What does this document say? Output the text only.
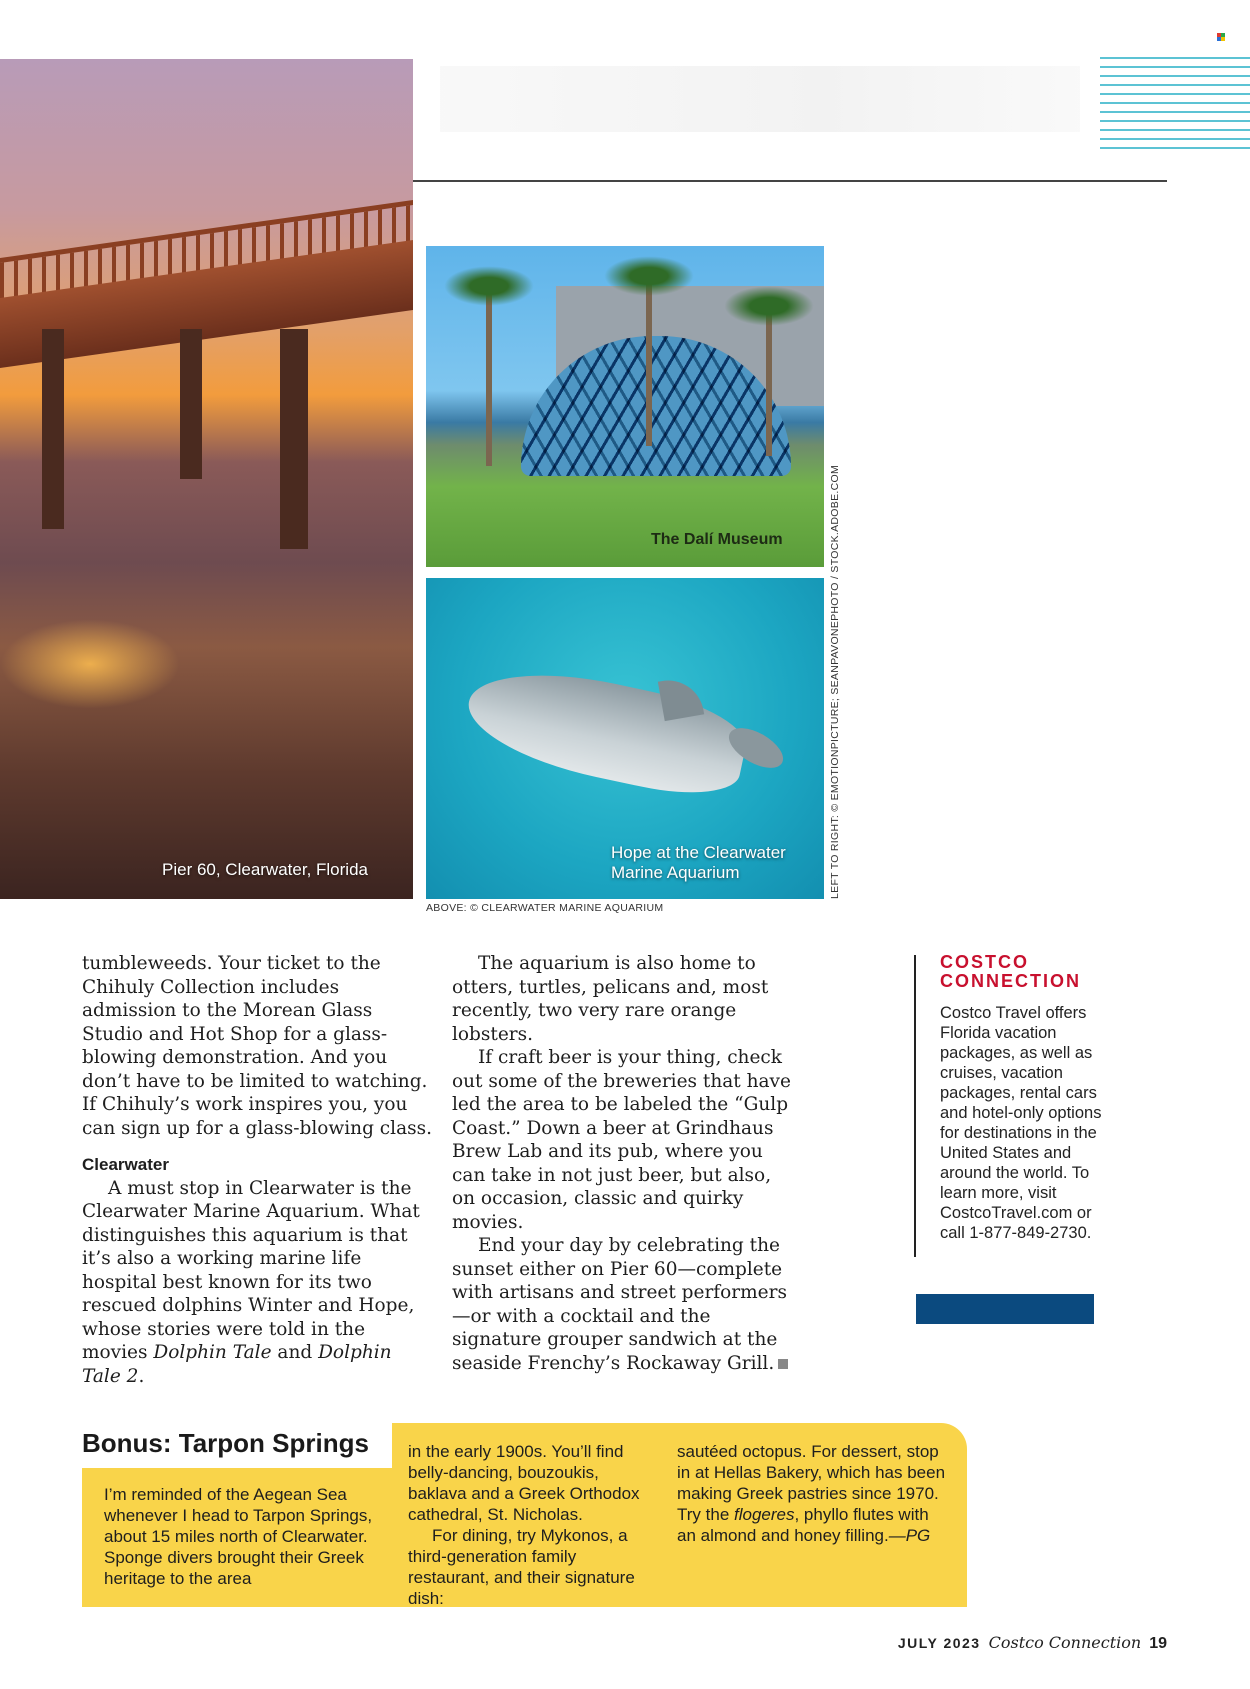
Pier 60, Clearwater, Florida
The Dalí Museum
Hope at the Clearwater
Marine Aquarium	LEFT TO RIGHT: © EMOTIONPICTURE; SEANPAVONEPHOTO / STOCK.ADOBE.COM
ABOVE: © CLEARWATER MARINE AQUARIUM

tumbleweeds. Your ticket to the Chihuly Collection includes admission to the Morean Glass Studio and Hot Shop for a glass-blowing demonstration. And you don’t have to be limited to watching. If Chihuly’s work inspires you, you can sign up for a glass-blowing class.

Clearwater

A must stop in Clearwater is the Clearwater Marine Aquarium. What distinguishes this aquarium is that it’s also a working marine life hospital best known for its two rescued dolphins Winter and Hope, whose stories were told in the movies Dolphin Tale and Dolphin Tale 2.

The aquarium is also home to otters, turtles, pelicans and, most recently, two very rare orange lobsters.

If craft beer is your thing, check out some of the breweries that have led the area to be labeled the “Gulp Coast.” Down a beer at Grindhaus Brew Lab and its pub, where you can take in not just beer, but also, on occasion, classic and quirky movies.

End your day by celebrating the sunset either on Pier 60—complete with artisans and street performers —or with a cocktail and the signature grouper sandwich at the seaside Frenchy’s Rockaway Grill.

COSTCO
CONNECTION
Costco Travel offers Florida vacation packages, as well as cruises, vacation packages, rental cars and hotel-only options for destinations in the United States and around the world. To learn more, visit CostcoTravel.com or call 1-877-849-2730.
Bonus: Tarpon Springs

I’m reminded of the Aegean Sea whenever I head to Tarpon Springs, about 15 miles north of Clearwater. Sponge divers brought their Greek heritage to the area

in the early 1900s. You’ll find belly-dancing, bouzoukis, baklava and a Greek Orthodox cathedral, St. Nicholas.

For dining, try Mykonos, a third-generation family restaurant, and their signature dish:

sautéed octopus. For dessert, stop in at Hellas Bakery, which has been making Greek pastries since 1970. Try the flogeres, phyllo flutes with an almond and honey filling.—PG

JULY 2023 Costco Connection 19
